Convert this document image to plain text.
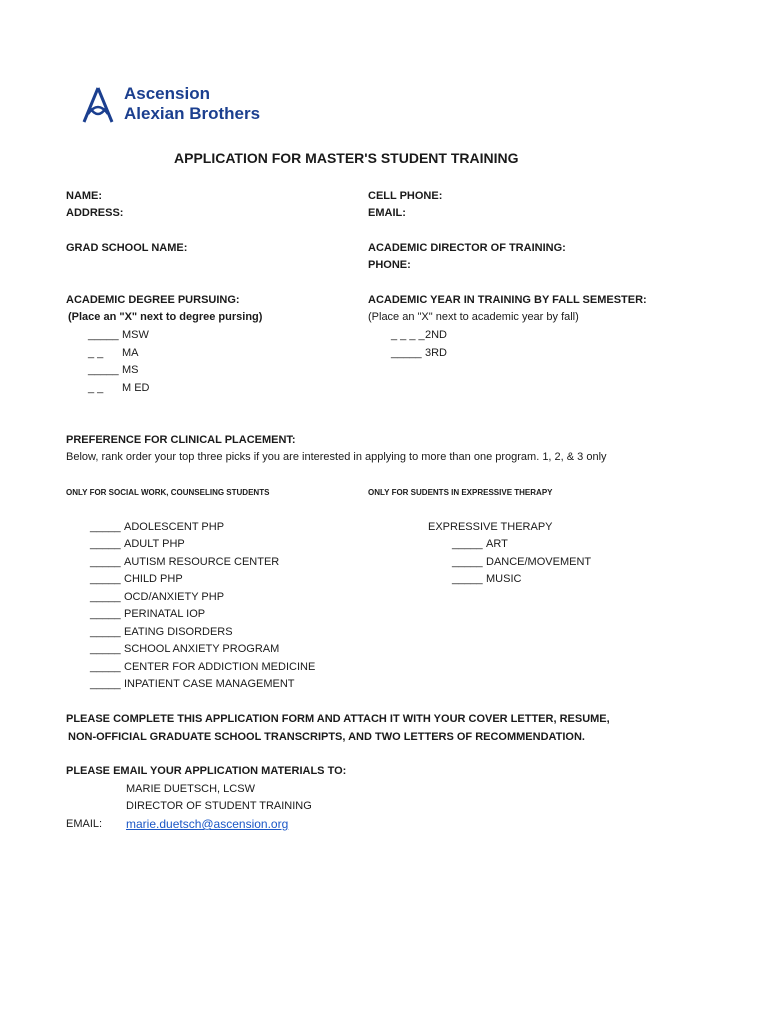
Ascension
Alexian Brothers
APPLICATION FOR MASTER'S STUDENT TRAINING
NAME:
ADDRESS:
CELL PHONE:
EMAIL:
GRAD SCHOOL NAME:	ACADEMIC DIRECTOR OF TRAINING:
PHONE:
ACADEMIC DEGREE PURSUING:
(Place an "X" next to degree pursing)
_____ MSW
_ _ MA
_____ MS
_ _ M ED
ACADEMIC YEAR IN TRAINING BY FALL SEMESTER:
(Place an "X" next to academic year by fall)
_ _ _ _2ND
_____ 3RD
PREFERENCE FOR CLINICAL PLACEMENT:
Below, rank order your top three picks if you are interested in applying to more than one program. 1, 2, & 3 only
ONLY FOR SOCIAL WORK, COUNSELING STUDENTS	ONLY FOR SUDENTS IN EXPRESSIVE THERAPY
_____ ADOLESCENT PHP
_____ ADULT PHP
_____ AUTISM RESOURCE CENTER
_____ CHILD PHP
_____ OCD/ANXIETY PHP
_____ PERINATAL IOP
_____ EATING DISORDERS
_____ SCHOOL ANXIETY PROGRAM
_____ CENTER FOR ADDICTION MEDICINE
_____ INPATIENT CASE MANAGEMENT
EXPRESSIVE THERAPY
_____ ART
_____ DANCE/MOVEMENT
_____ MUSIC
PLEASE COMPLETE THIS APPLICATION FORM AND ATTACH IT WITH YOUR COVER LETTER, RESUME,
NON-OFFICIAL GRADUATE SCHOOL TRANSCRIPTS, AND TWO LETTERS OF RECOMMENDATION.
PLEASE EMAIL YOUR APPLICATION MATERIALS TO:
MARIE DUETSCH, LCSW
DIRECTOR OF STUDENT TRAINING
EMAIL: marie.duetsch@ascension.org
